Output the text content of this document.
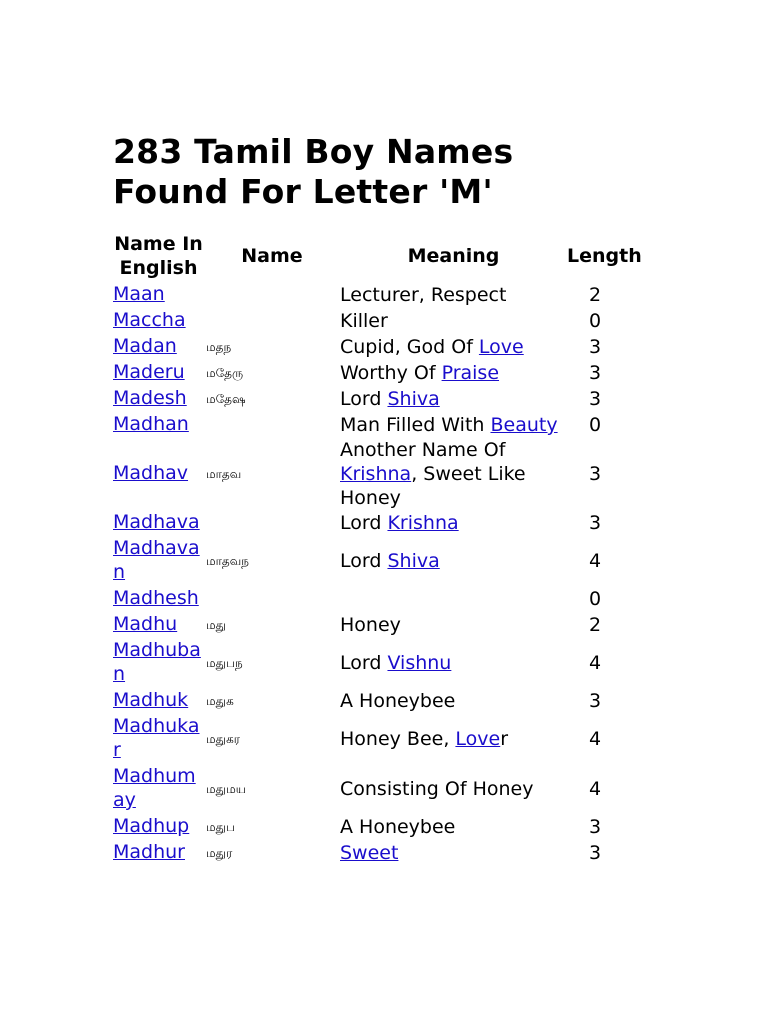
283 Tamil Boy Names Found For Letter 'M'
Name In English	Name	Meaning	Length
Maan		Lecturer, Respect	2
Maccha		Killer	0
Madan	மதந	Cupid, God Of Love	3
Maderu	மதேரு	Worthy Of Praise	3
Madesh	மதேஷ	Lord Shiva	3
Madhan		Man Filled With Beauty	0
Madhav	மாதவ	Another Name Of Krishna, Sweet Like Honey	3
Madhava		Lord Krishna	3
Madhavan	மாதவந	Lord Shiva	4
Madhesh			0
Madhu	மது	Honey	2
Madhuban	மதுபந	Lord Vishnu	4
Madhuk	மதுக	A Honeybee	3
Madhukar	மதுகர	Honey Bee, Lover	4
Madhumay	மதுமய	Consisting Of Honey	4
Madhup	மதுப	A Honeybee	3
Madhur	மதுர	Sweet	3
